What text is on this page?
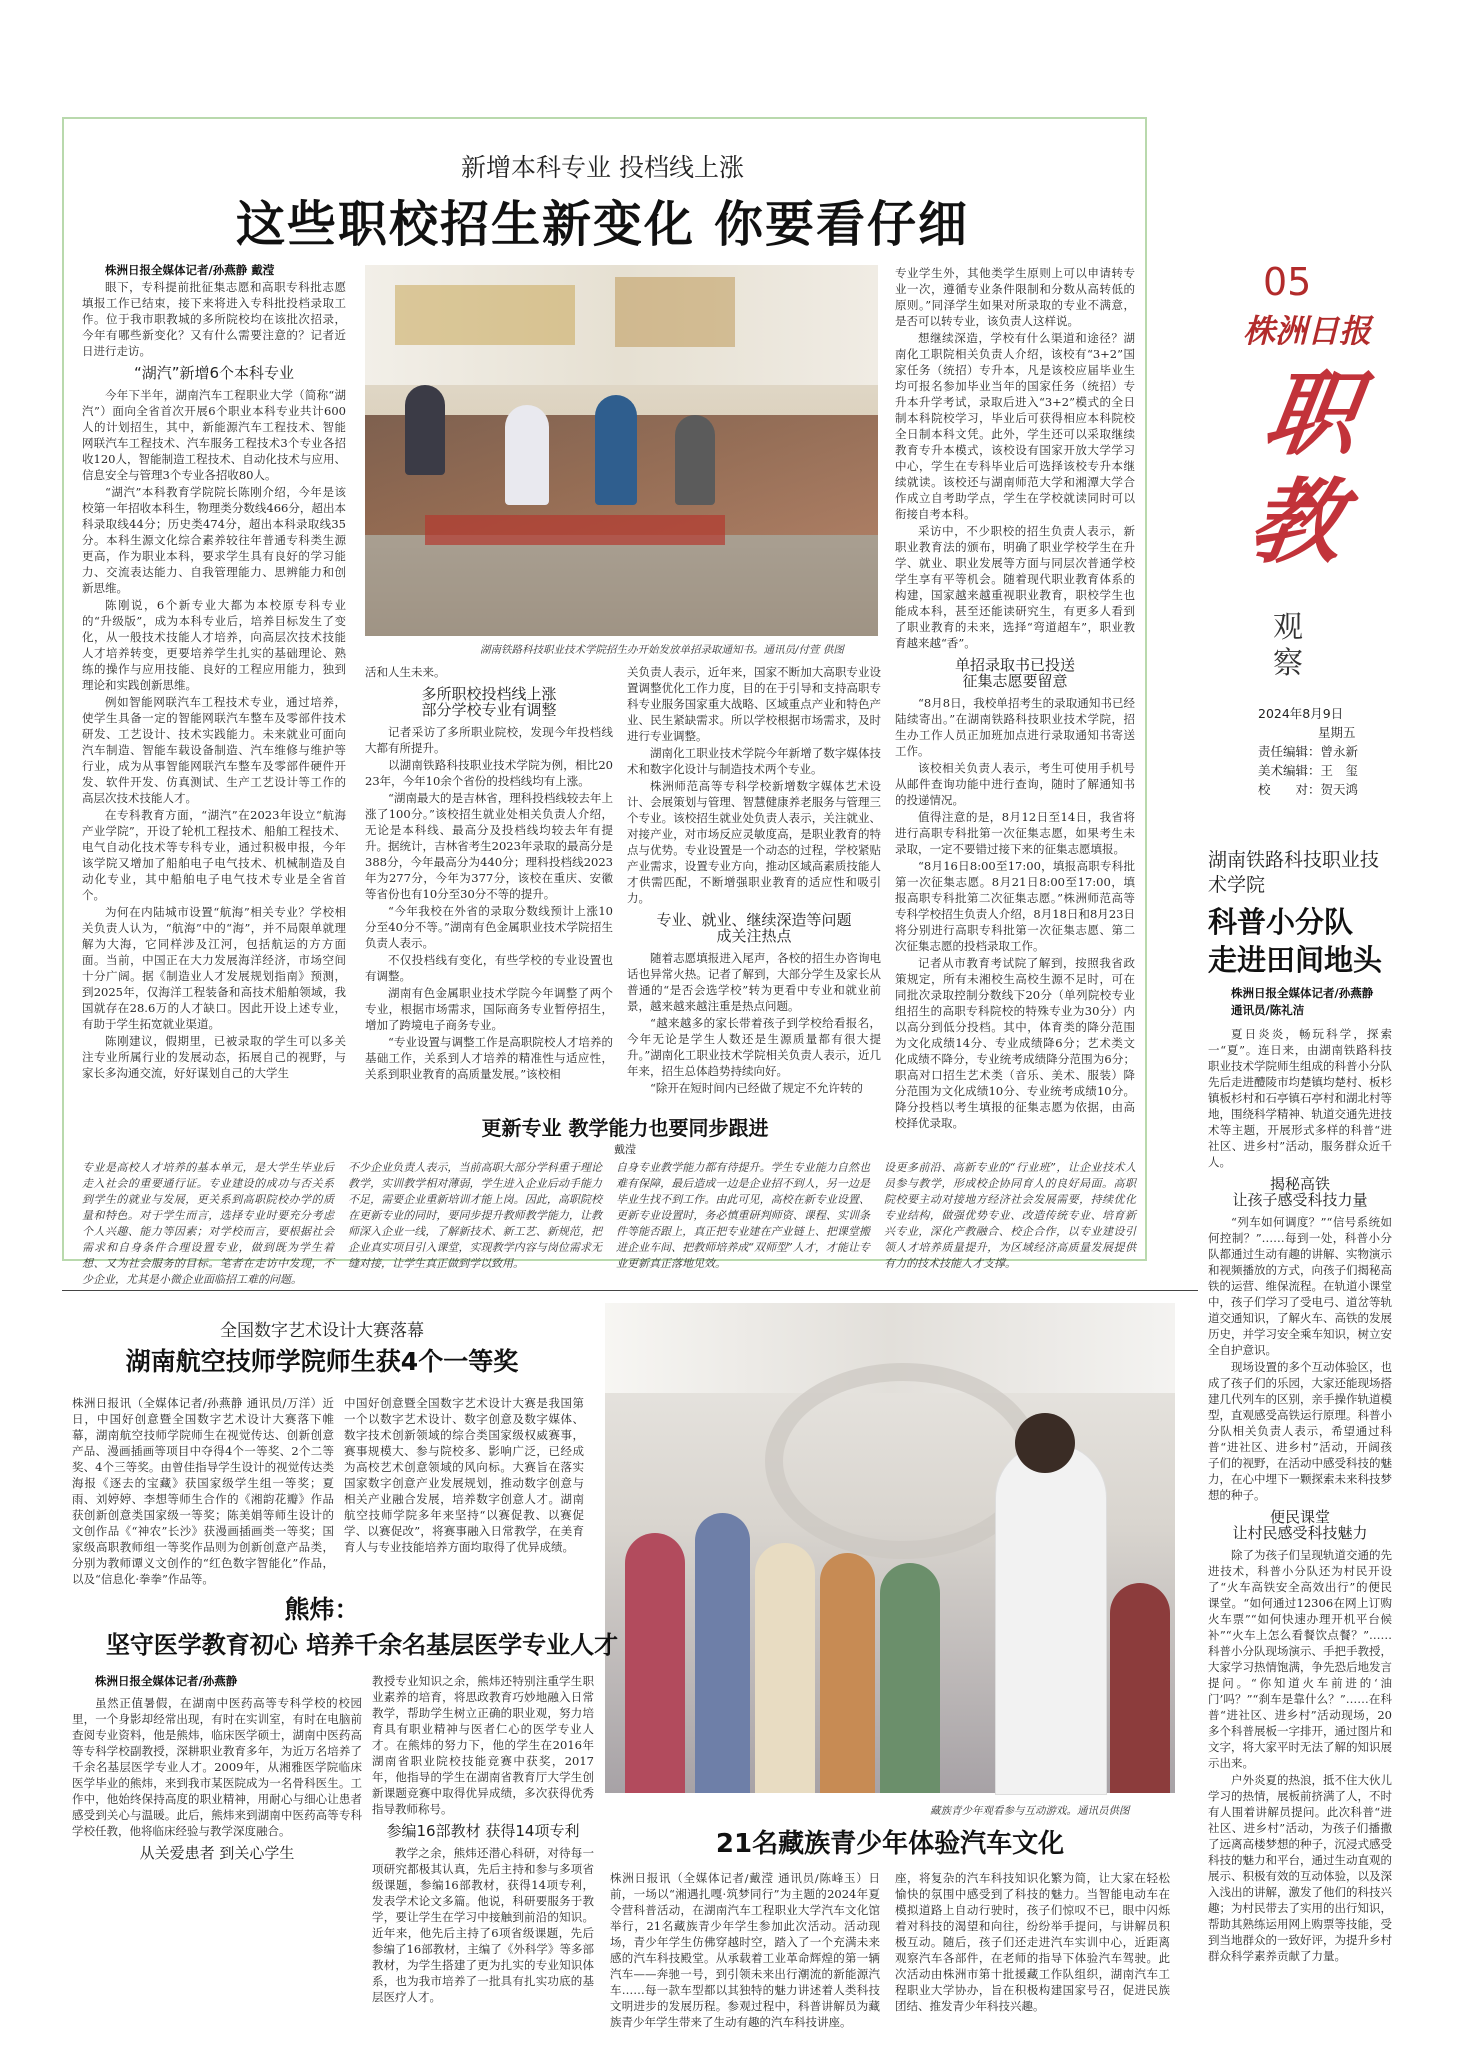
新增本科专业 投档线上涨
这些职校招生新变化 你要看仔细

株洲日报全媒体记者/孙燕静 戴滢

眼下，专科提前批征集志愿和高职专科批志愿填报工作已结束，接下来将进入专科批投档录取工作。位于我市职教城的多所院校均在该批次招录，今年有哪些新变化？又有什么需要注意的？记者近日进行走访。

“湖汽”新增6个本科专业

今年下半年，湖南汽车工程职业大学（简称“湖汽”）面向全省首次开展6个职业本科专业共计600人的计划招生，其中，新能源汽车工程技术、智能网联汽车工程技术、汽车服务工程技术3个专业各招收120人，智能制造工程技术、自动化技术与应用、信息安全与管理3个专业各招收80人。

“湖汽”本科教育学院院长陈刚介绍，今年是该校第一年招收本科生，物理类分数线466分，超出本科录取线44分；历史类474分，超出本科录取线35分。本科生源文化综合素养较往年普通专科类生源更高，作为职业本科，要求学生具有良好的学习能力、交流表达能力、自我管理能力、思辨能力和创新思维。

陈刚说，6个新专业大都为本校原专科专业的“升级版”，成为本科专业后，培养目标发生了变化，从一般技术技能人才培养，向高层次技术技能人才培养转变，更要培养学生扎实的基础理论、熟练的操作与应用技能、良好的工程应用能力，独到理论和实践创新思维。

例如智能网联汽车工程技术专业，通过培养，使学生具备一定的智能网联汽车整车及零部件技术研发、工艺设计、技术实践能力。未来就业可面向汽车制造、智能车载设备制造、汽车维修与维护等行业，成为从事智能网联汽车整车及零部件硬件开发、软件开发、仿真测试、生产工艺设计等工作的高层次技术技能人才。

在专科教育方面，“湖汽”在2023年设立“航海产业学院”，开设了轮机工程技术、船舶工程技术、电气自动化技术等专科专业，通过积极申报，今年该学院又增加了船舶电子电气技术、机械制造及自动化专业，其中船舶电子电气技术专业是全省首个。

为何在内陆城市设置“航海”相关专业？学校相关负责人认为，“航海”中的“海”，并不局限单就理解为大海，它同样涉及江河，包括航运的方方面面。当前，中国正在大力发展海洋经济，市场空间十分广阔。据《制造业人才发展规划指南》预测，到2025年，仅海洋工程装备和高技术船舶领域，我国就存在28.6万的人才缺口。因此开设上述专业，有助于学生拓宽就业渠道。

陈刚建议，假期里，已被录取的学生可以多关注专业所属行业的发展动态，拓展自己的视野，与家长多沟通交流，好好谋划自己的大学生

湖南铁路科技职业技术学院招生办开始发放单招录取通知书。通讯员/付萱 供图

活和人生未来。

多所职校投档线上涨
部分学校专业有调整

记者采访了多所职业院校，发现今年投档线大都有所提升。

以湖南铁路科技职业技术学院为例，相比2023年，今年10余个省份的投档线均有上涨。

“湖南最大的是吉林省，理科投档线较去年上涨了100分。”该校招生就业处相关负责人介绍，无论是本科线、最高分及投档线均较去年有提升。据统计，吉林省考生2023年录取的最高分是388分，今年最高分为440分；理科投档线2023年为277分，今年为377分，该校在重庆、安徽等省份也有10分至30分不等的提升。

“今年我校在外省的录取分数线预计上涨10分至40分不等。”湖南有色金属职业技术学院招生负责人表示。

不仅投档线有变化，有些学校的专业设置也有调整。

湖南有色金属职业技术学院今年调整了两个专业，根据市场需求，国际商务专业暂停招生，增加了跨境电子商务专业。

“专业设置与调整工作是高职院校人才培养的基础工作，关系到人才培养的精准性与适应性，关系到职业教育的高质量发展。”该校相

关负责人表示，近年来，国家不断加大高职专业设置调整优化工作力度，目的在于引导和支持高职专科专业服务国家重大战略、区域重点产业和特色产业、民生紧缺需求。所以学校根据市场需求，及时进行专业调整。

湖南化工职业技术学院今年新增了数字媒体技术和数字化设计与制造技术两个专业。

株洲师范高等专科学校新增数字媒体艺术设计、会展策划与管理、智慧健康养老服务与管理三个专业。该校招生就业处负责人表示，关注就业、对接产业，对市场反应灵敏度高，是职业教育的特点与优势。专业设置是一个动态的过程，学校紧贴产业需求，设置专业方向，推动区域高素质技能人才供需匹配，不断增强职业教育的适应性和吸引力。

专业、就业、继续深造等问题
成关注热点

随着志愿填报进入尾声，各校的招生办咨询电话也异常火热。记者了解到，大部分学生及家长从普通的“是否会选学校”转为更看中专业和就业前景，越来越来越注重是热点问题。

“越来越多的家长带着孩子到学校给看报名，今年无论是学生人数还是生源质量都有很大提升。”湖南化工职业技术学院相关负责人表示，近几年来，招生总体趋势持续向好。

“除开在短时间内已经做了规定不允许转的

专业学生外，其他类学生原则上可以申请转专业一次，遵循专业条件限制和分数从高转低的原则。”同泽学生如果对所录取的专业不满意，是否可以转专业，该负责人这样说。

想继续深造，学校有什么渠道和途径？湖南化工职院相关负责人介绍，该校有“3+2”国家任务（统招）专升本，凡是该校应届毕业生均可报名参加毕业当年的国家任务（统招）专升本升学考试，录取后进入“3+2”模式的全日制本科院校学习，毕业后可获得相应本科院校全日制本科文凭。此外，学生还可以采取继续教育专升本模式，该校设有国家开放大学学习中心，学生在专科毕业后可选择该校专升本继续就读。该校还与湖南师范大学和湘潭大学合作成立自考助学点，学生在学校就读同时可以衔接自考本科。

采访中，不少职校的招生负责人表示，新职业教育法的颁布，明确了职业学校学生在升学、就业、职业发展等方面与同层次普通学校学生享有平等机会。随着现代职业教育体系的构建，国家越来越重视职业教育，职校学生也能成本科，甚至还能读研究生，有更多人看到了职业教育的未来，选择“弯道超车”，职业教育越来越“香”。

单招录取书已投送
征集志愿要留意

“8月8日，我校单招考生的录取通知书已经陆续寄出。”在湖南铁路科技职业技术学院，招生办工作人员正加班加点进行录取通知书寄送工作。

该校相关负责人表示，考生可使用手机号从邮件查询功能中进行查询，随时了解通知书的投递情况。

值得注意的是，8月12日至14日，我省将进行高职专科批第一次征集志愿，如果考生未录取，一定不要错过接下来的征集志愿填报。

“8月16日8:00至17:00，填报高职专科批第一次征集志愿。8月21日8:00至17:00，填报高职专科批第二次征集志愿。”株洲师范高等专科学校招生负责人介绍，8月18日和8月23日将分别进行高职专科批第一次征集志愿、第二次征集志愿的投档录取工作。

记者从市教育考试院了解到，按照我省政策规定，所有未湘校生高校生源不足时，可在同批次录取控制分数线下20分（单列院校专业组招生的高职专科院校的特殊专业为30分）内以高分到低分投档。其中，体育类的降分范围为文化成绩14分、专业成绩降6分；艺术类文化成绩不降分，专业统考成绩降分范围为6分；职高对口招生艺术类（音乐、美术、服装）降分范围为文化成绩10分、专业统考成绩10分。降分投档以考生填报的征集志愿为依据，由高校择优录取。

更新专业 教学能力也要同步跟进
戴滢
专业是高校人才培养的基本单元，是大学生毕业后走入社会的重要通行证。专业建设的成功与否关系到学生的就业与发展，更关系到高职院校办学的质量和特色。对于学生而言，选择专业时要充分考虑个人兴趣、能力等因素；对学校而言，要根据社会需求和自身条件合理设置专业，做到既为学生着想、又为社会服务的目标。笔者在走访中发现，不少企业，尤其是小微企业面临招工难的问题。
不少企业负责人表示，当前高职大部分学科重于理论教学，实训教学相对薄弱，学生进入企业后动手能力不足，需要企业重新培训才能上岗。因此，高职院校在更新专业的同时，要同步提升教师教学能力，让教师深入企业一线，了解新技术、新工艺、新规范，把企业真实项目引入课堂，实现教学内容与岗位需求无缝对接，让学生真正做到学以致用。
自身专业教学能力都有待提升。学生专业能力自然也难有保障，最后造成一边是企业招不到人，另一边是毕业生找不到工作。由此可见，高校在新专业设置、更新专业设置时，务必慎重研判师资、课程、实训条件等能否跟上，真正把专业建在产业链上、把课堂搬进企业车间、把教师培养成“双师型”人才，才能让专业更新真正落地见效。
设更多前沿、高新专业的“行业班”，让企业技术人员参与教学，形成校企协同育人的良好局面。高职院校要主动对接地方经济社会发展需要，持续优化专业结构，做强优势专业、改造传统专业、培育新兴专业，深化产教融合、校企合作，以专业建设引领人才培养质量提升，为区域经济高质量发展提供有力的技术技能人才支撑。
05
株洲日报
职教
观察
2024年8月9日
星期五
责任编辑：曾永新
美术编辑：王　玺
校　　对：贺天鸿
湖南铁路科技职业技术学院
科普小分队
走进田间地头

株洲日报全媒体记者/孙燕静

通讯员/陈礼洁

夏日炎炎，畅玩科学，探索一“夏”。连日来，由湖南铁路科技职业技术学院师生组成的科普小分队先后走进醴陵市均楚镇均楚村、板杉镇板杉村和石亭镇石亭村和湖北村等地，围绕科学精神、轨道交通先进技术等主题，开展形式多样的科普“进社区、进乡村”活动，服务群众近千人。

揭秘高铁
让孩子感受科技力量

“列车如何调度？”“信号系统如何控制？”……每到一处，科普小分队都通过生动有趣的讲解、实物演示和视频播放的方式，向孩子们揭秘高铁的运营、维保流程。在轨道小课堂中，孩子们学习了受电弓、道岔等轨道交通知识，了解火车、高铁的发展历史，并学习安全乘车知识，树立安全自护意识。

现场设置的多个互动体验区，也成了孩子们的乐园，大家还能现场搭建几代列车的区别，亲手操作轨道模型，直观感受高铁运行原理。科普小分队相关负责人表示，希望通过科普“进社区、进乡村”活动，开阔孩子们的视野，在活动中感受科技的魅力，在心中埋下一颗探索未来科技梦想的种子。

便民课堂
让村民感受科技魅力

除了为孩子们呈现轨道交通的先进技术，科普小分队还为村民开设了“火车高铁安全高效出行”的便民课堂。“如何通过12306在网上订购火车票”“如何快速办理开机平台候补”“火车上怎么看餐饮点餐？”……科普小分队现场演示、手把手教授，大家学习热情饱满，争先恐后地发言提问。“你知道火车前进的‘油门’吗？”“刹车是靠什么？”……在科普“进社区、进乡村”活动现场，20多个科普展板一字排开，通过图片和文字，将大家平时无法了解的知识展示出来。

户外炎夏的热浪，抵不住大伙儿学习的热情，展板前挤满了人，不时有人围着讲解员提问。此次科普“进社区、进乡村”活动，为孩子们播撒了远离高楼梦想的种子，沉浸式感受科技的魅力和平台，通过生动直观的展示、积极有效的互动体验，以及深入浅出的讲解，激发了他们的科技兴趣；为村民带去了实用的出行知识，帮助其熟练运用网上购票等技能，受到当地群众的一致好评，为提升乡村群众科学素养贡献了力量。

全国数字艺术设计大赛落幕
湖南航空技师学院师生获4个一等奖
株洲日报讯（全媒体记者/孙燕静 通讯员/万洋）近日，中国好创意暨全国数字艺术设计大赛落下帷幕，湖南航空技师学院师生在视觉传达、创新创意产品、漫画插画等项目中夺得4个一等奖、2个二等奖、4个三等奖。由曾佳指导学生设计的视觉传达类海报《逐去的宝藏》获国家级学生组一等奖；夏雨、刘婷婷、李想等师生合作的《湘韵花瓣》作品获创新创意类国家级一等奖；陈美娟等师生设计的文创作品《“神农”长沙》获漫画插画类一等奖；国家级高职教师组一等奖作品则为创新创意产品类，分别为教师谭义文创作的“红色数字智能化”作品，以及“信息化·拳拳”作品等。
中国好创意暨全国数字艺术设计大赛是我国第一个以数字艺术设计、数字创意及数字媒体、数字技术创新领域的综合类国家级权威赛事，赛事规模大、参与院校多、影响广泛，已经成为高校艺术创意领域的风向标。大赛旨在落实国家数字创意产业发展规划，推动数字创意与相关产业融合发展，培养数字创意人才。湖南航空技师学院多年来坚持“以赛促教、以赛促学、以赛促改”，将赛事融入日常教学，在美育育人与专业技能培养方面均取得了优异成绩。
藏族青少年观看参与互动游戏。通讯员供图
熊炜：
坚守医学教育初心 培养千余名基层医学专业人才

株洲日报全媒体记者/孙燕静

虽然正值暑假，在湖南中医药高等专科学校的校园里，一个身影却经常出现，有时在实训室，有时在电脑前查阅专业资料，他是熊炜，临床医学硕士，湖南中医药高等专科学校副教授，深耕职业教育多年，为近万名培养了千余名基层医学专业人才。2009年，从湘雅医学院临床医学毕业的熊炜，来到我市某医院成为一名骨科医生。工作中，他始终保持高度的职业精神，用耐心与细心让患者感受到关心与温暖。此后，熊炜来到湖南中医药高等专科学校任教，他将临床经验与教学深度融合。

从关爱患者 到关心学生

教授专业知识之余，熊炜还特别注重学生职业素养的培育，将思政教育巧妙地融入日常教学，帮助学生树立正确的职业观，努力培育具有职业精神与医者仁心的医学专业人才。在熊炜的努力下，他的学生在2016年湖南省职业院校技能竞赛中获奖，2017年，他指导的学生在湖南省教育厅大学生创新课题竞赛中取得优异成绩，多次获得优秀指导教师称号。

参编16部教材 获得14项专利

教学之余，熊炜还潜心科研，对待每一项研究都极其认真，先后主持和参与多项省级课题，参编16部教材，获得14项专利，发表学术论文多篇。他说，科研要服务于教学，要让学生在学习中接触到前沿的知识。近年来，他先后主持了6项省级课题，先后参编了16部教材，主编了《外科学》等多部教材，为学生搭建了更为扎实的专业知识体系，也为我市培养了一批具有扎实功底的基层医疗人才。

21名藏族青少年体验汽车文化
株洲日报讯（全媒体记者/戴滢 通讯员/陈峰玉）日前，一场以“湘遇扎嘎·筑梦同行”为主题的2024年夏令营科普活动，在湖南汽车工程职业大学汽车文化馆举行，21名藏族青少年学生参加此次活动。活动现场，青少年学生仿佛穿越时空，踏入了一个充满未来感的汽车科技殿堂。从承载着工业革命辉煌的第一辆汽车——奔驰一号，到引领未来出行潮流的新能源汽车……每一款车型都以其独特的魅力讲述着人类科技文明进步的发展历程。参观过程中，科普讲解员为藏族青少年学生带来了生动有趣的汽车科技讲座。
座，将复杂的汽车科技知识化繁为简，让大家在轻松愉快的氛围中感受到了科技的魅力。当智能电动车在模拟道路上自动行驶时，孩子们惊叹不已，眼中闪烁着对科技的渴望和向往，纷纷举手提问，与讲解员积极互动。随后，孩子们还走进汽车实训中心，近距离观察汽车各部件，在老师的指导下体验汽车驾驶。此次活动由株洲市第十批援藏工作队组织，湖南汽车工程职业大学协办，旨在积极构建国家号召，促进民族团结、推发青少年科技兴趣。
